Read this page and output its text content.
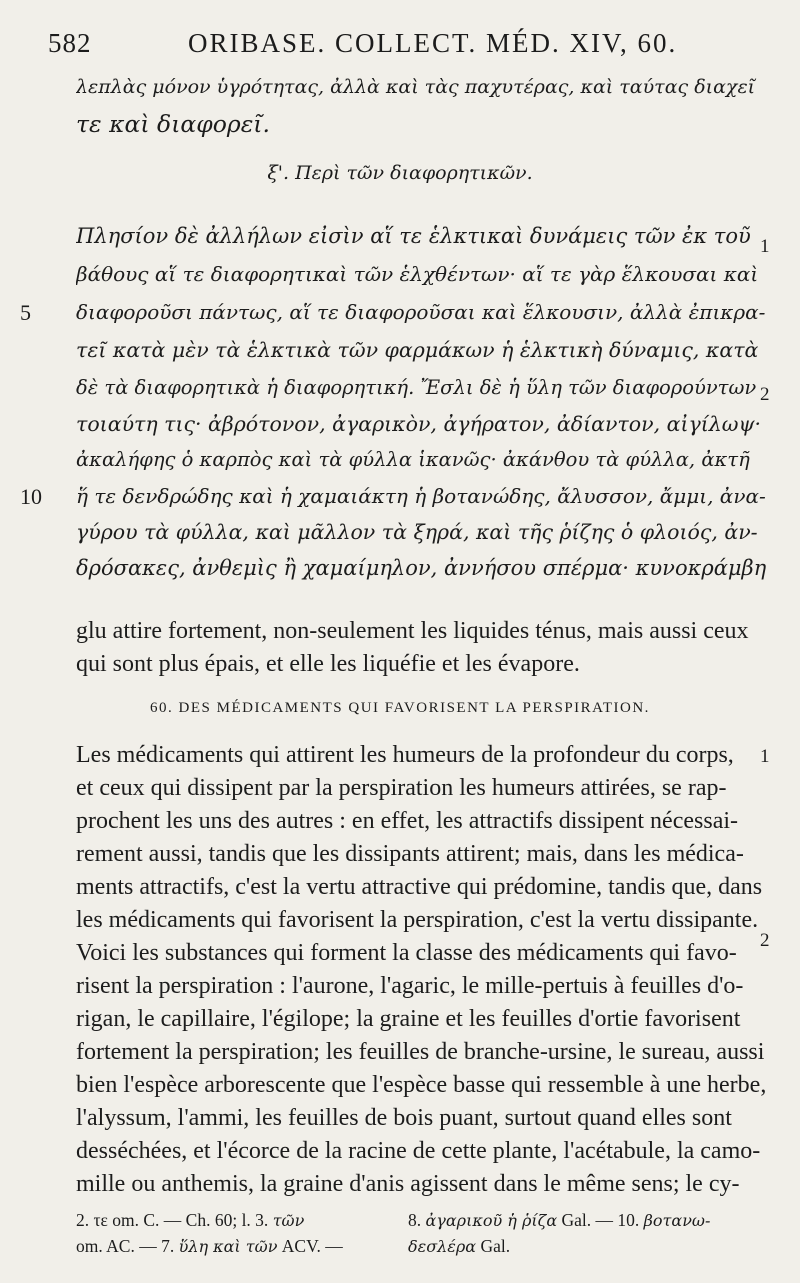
582	ORIBASE. COLLECT. MÉD. XIV, 60.
λεπλὰς μόνον ὑγρότητας, ἀλλὰ καὶ τὰς παχυτέρας, καὶ ταύτας διαχεῖ
τε καὶ διαφορεῖ.
ξ'. Περὶ τῶν διαφορητικῶν.
Πλησίον δὲ ἀλλήλων εἰσὶν αἵ τε ἑλκτικαὶ δυνάμεις τῶν ἐκ τοῦ
βάθους αἵ τε διαφορητικαὶ τῶν ἑλχθέντων· αἵ τε γὰρ ἕλκουσαι καὶ
διαφοροῦσι πάντως, αἵ τε διαφοροῦσαι καὶ ἕλκουσιν, ἀλλὰ ἐπικρα-
τεῖ κατὰ μὲν τὰ ἑλκτικὰ τῶν φαρμάκων ἡ ἑλκτικὴ δύναμις, κατὰ
δὲ τὰ διαφορητικὰ ἡ διαφορητική. Ἔσλι δὲ ἡ ὕλη τῶν διαφορούντων
τοιαύτη τις· ἀβρότονον, ἀγαρικὸν, ἀγήρατον, ἀδίαντον, αἰγίλωψ·
ἀκαλήφης ὁ καρπὸς καὶ τὰ φύλλα ἱκανῶς· ἀκάνθου τὰ φύλλα, ἀκτῆ
ἥ τε δενδρώδης καὶ ἡ χαμαιάκτη ἡ βοτανώδης, ἄλυσσον, ἄμμι, ἀνα-
γύρου τὰ φύλλα, καὶ μᾶλλον τὰ ξηρά, καὶ τῆς ῥίζης ὁ φλοιός, ἀν-
δρόσακες, ἀνθεμὶς ἢ χαμαίμηλον, ἀννήσου σπέρμα· κυνοκράμβη
5
10
1
2
glu attire fortement, non-seulement les liquides ténus, mais aussi ceux
qui sont plus épais, et elle les liquéfie et les évapore.
60. DES MÉDICAMENTS QUI FAVORISENT LA PERSPIRATION.
Les médicaments qui attirent les humeurs de la profondeur du corps,
et ceux qui dissipent par la perspiration les humeurs attirées, se rap-
prochent les uns des autres : en effet, les attractifs dissipent nécessai-
rement aussi, tandis que les dissipants attirent; mais, dans les médica-
ments attractifs, c'est la vertu attractive qui prédomine, tandis que, dans
les médicaments qui favorisent la perspiration, c'est la vertu dissipante.
Voici les substances qui forment la classe des médicaments qui favo-
risent la perspiration : l'aurone, l'agaric, le mille-pertuis à feuilles d'o-
rigan, le capillaire, l'égilope; la graine et les feuilles d'ortie favorisent
fortement la perspiration; les feuilles de branche-ursine, le sureau, aussi
bien l'espèce arborescente que l'espèce basse qui ressemble à une herbe,
l'alyssum, l'ammi, les feuilles de bois puant, surtout quand elles sont
desséchées, et l'écorce de la racine de cette plante, l'acétabule, la camo-
mille ou anthemis, la graine d'anis agissent dans le même sens; le cy-
1
2
2. τε om. C. — Ch. 60; l. 3. τῶν
om. AC. — 7. ὕλη καὶ τῶν ACV. —
8. ἀγαρικοῦ ἡ ῥίζα Gal. — 10. βοτανω-
δεσλέρα Gal.
